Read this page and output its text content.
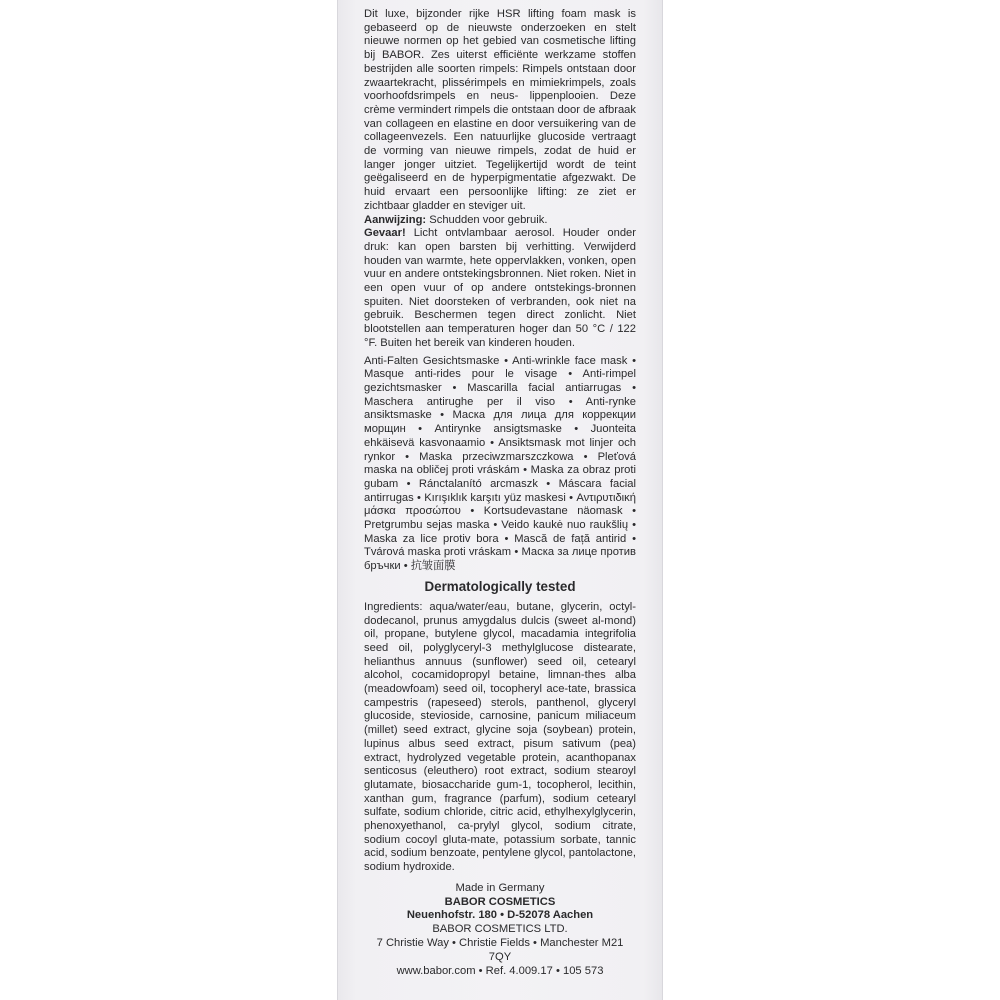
Dit luxe, bijzonder rijke HSR lifting foam mask is gebaseerd op de nieuwste onderzoeken en stelt nieuwe normen op het gebied van cosmetische lifting bij BABOR. Zes uiterst efficiënte werkzame stoffen bestrijden alle soorten rimpels: Rimpels ontstaan door zwaartekracht, plissérimpels en mimiekrimpels, zoals voorhoofdsrimpels en neus- lippenplooien. Deze crème vermindert rimpels die ontstaan door de afbraak van collageen en elastine en door versuikering van de collageenvezels. Een natuurlijke glucoside vertraagt de vorming van nieuwe rimpels, zodat de huid er langer jonger uitziet. Tegelijkertijd wordt de teint geëgaliseerd en de hyperpigmentatie afgezwakt. De huid ervaart een persoonlijke lifting: ze ziet er zichtbaar gladder en steviger uit.

Aanwijzing: Schudden voor gebruik.

Gevaar! Licht ontvlambaar aerosol. Houder onder druk: kan open barsten bij verhitting. Verwijderd houden van warmte, hete oppervlakken, vonken, open vuur en andere ontstekingsbronnen. Niet roken. Niet in een open vuur of op andere ontstekings-bronnen spuiten. Niet doorsteken of verbranden, ook niet na gebruik. Beschermen tegen direct zonlicht. Niet blootstellen aan temperaturen hoger dan 50 °C / 122 °F. Buiten het bereik van kinderen houden.

Anti-Falten Gesichtsmaske • Anti-wrinkle face mask • Masque anti-rides pour le visage • Anti-rimpel gezichtsmasker • Mascarilla facial antiarrugas • Maschera antirughe per il viso • Anti-rynke ansiktsmaske • Маска для лица для коррекции морщин • Antirynke ansigtsmaske • Juonteita ehkäisevä kasvonaamio • Ansiktsmask mot linjer och rynkor • Maska przeciwzmarszczkowa • Pleťová maska na obličej proti vráskám • Maska za obraz proti gubam • Ránctalanító arcmaszk • Máscara facial antirrugas • Kırışıklık karşıtı yüz maskesi • Αντιρυτιδική μάσκα προσώπου • Kortsudevastane näomask • Pretgrumbu sejas maska • Veido kaukė nuo raukšlių • Maska za lice protiv bora • Mască de față antirid • Tvárová maska proti vráskam • Маска за лице против бръчки • 抗皱面膜

Dermatologically tested

Ingredients: aqua/water/eau, butane, glycerin, octyl-dodecanol, prunus amygdalus dulcis (sweet al-mond) oil, propane, butylene glycol, macadamia integrifolia seed oil, polyglyceryl-3 methylglucose distearate, helianthus annuus (sunflower) seed oil, cetearyl alcohol, cocamidopropyl betaine, limnan-thes alba (meadowfoam) seed oil, tocopheryl ace-tate, brassica campestris (rapeseed) sterols, panthenol, glyceryl glucoside, stevioside, carnosine, panicum miliaceum (millet) seed extract, glycine soja (soybean) protein, lupinus albus seed extract, pisum sativum (pea) extract, hydrolyzed vegetable protein, acanthopanax senticosus (eleuthero) root extract, sodium stearoyl glutamate, biosaccharide gum-1, tocopherol, lecithin, xanthan gum, fragrance (parfum), sodium cetearyl sulfate, sodium chloride, citric acid, ethylhexylglycerin, phenoxyethanol, ca-prylyl glycol, sodium citrate, sodium cocoyl gluta-mate, potassium sorbate, tannic acid, sodium benzoate, pentylene glycol, pantolactone, sodium hydroxide.

Made in Germany
BABOR COSMETICS
Neuenhofstr. 180 • D-52078 Aachen
BABOR COSMETICS LTD.
7 Christie Way • Christie Fields • Manchester M21 7QY
www.babor.com • Ref. 4.009.17 • 105 573
